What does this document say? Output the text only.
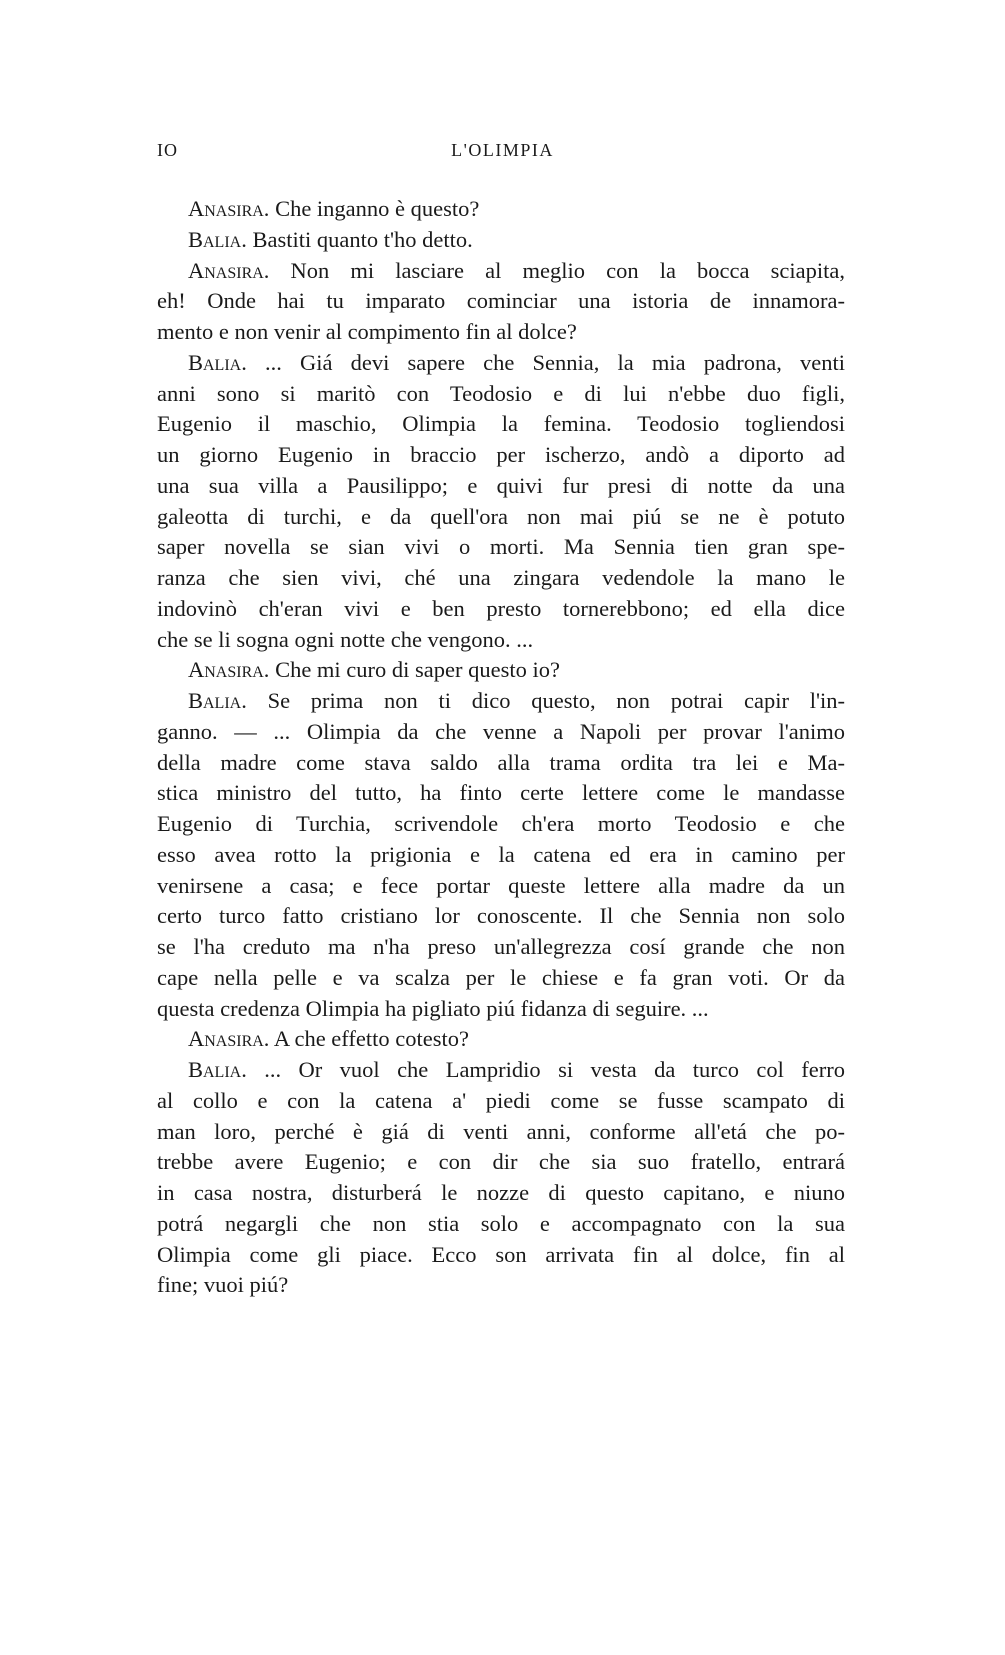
IO	L'OLIMPIA
Anasira. Che inganno è questo?
Balia. Bastiti quanto t'ho detto.
Anasira. Non mi lasciare al meglio con la bocca sciapita,
eh! Onde hai tu imparato cominciar una istoria de innamora-
mento e non venir al compimento fin al dolce?
Balia. ... Giá devi sapere che Sennia, la mia padrona, venti
anni sono si maritò con Teodosio e di lui n'ebbe duo figli,
Eugenio il maschio, Olimpia la femina. Teodosio togliendosi
un giorno Eugenio in braccio per ischerzo, andò a diporto ad
una sua villa a Pausilippo; e quivi fur presi di notte da una
galeotta di turchi, e da quell'ora non mai piú se ne è potuto
saper novella se sian vivi o morti. Ma Sennia tien gran spe-
ranza che sien vivi, ché una zingara vedendole la mano le
indovinò ch'eran vivi e ben presto tornerebbono; ed ella dice
che se li sogna ogni notte che vengono. ...
Anasira. Che mi curo di saper questo io?
Balia. Se prima non ti dico questo, non potrai capir l'in-
ganno. — ... Olimpia da che venne a Napoli per provar l'animo
della madre come stava saldo alla trama ordita tra lei e Ma-
stica ministro del tutto, ha finto certe lettere come le mandasse
Eugenio di Turchia, scrivendole ch'era morto Teodosio e che
esso avea rotto la prigionia e la catena ed era in camino per
venirsene a casa; e fece portar queste lettere alla madre da un
certo turco fatto cristiano lor conoscente. Il che Sennia non solo
se l'ha creduto ma n'ha preso un'allegrezza cosí grande che non
cape nella pelle e va scalza per le chiese e fa gran voti. Or da
questa credenza Olimpia ha pigliato piú fidanza di seguire. ...
Anasira. A che effetto cotesto?
Balia. ... Or vuol che Lampridio si vesta da turco col ferro
al collo e con la catena a' piedi come se fusse scampato di
man loro, perché è giá di venti anni, conforme all'etá che po-
trebbe avere Eugenio; e con dir che sia suo fratello, entrará
in casa nostra, disturberá le nozze di questo capitano, e niuno
potrá negargli che non stia solo e accompagnato con la sua
Olimpia come gli piace. Ecco son arrivata fin al dolce, fin al
fine; vuoi piú?
